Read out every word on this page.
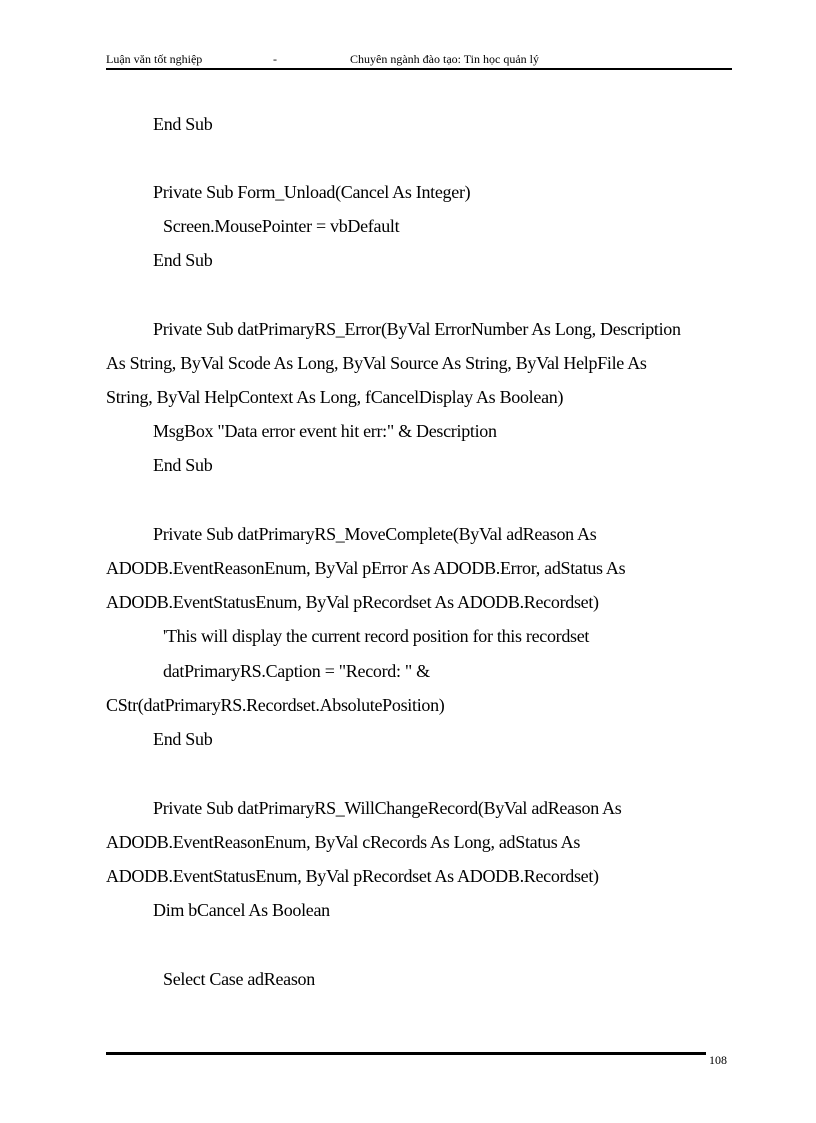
Luận văn tốt nghiệp	-	Chuyên ngành đào tạo: Tin học quản lý
End Sub
Private Sub Form_Unload(Cancel As Integer)
Screen.MousePointer = vbDefault
End Sub
Private Sub datPrimaryRS_Error(ByVal ErrorNumber As Long, Description
As String, ByVal Scode As Long, ByVal Source As String, ByVal HelpFile As
String, ByVal HelpContext As Long, fCancelDisplay As Boolean)
MsgBox "Data error event hit err:" & Description
End Sub
Private Sub datPrimaryRS_MoveComplete(ByVal adReason As
ADODB.EventReasonEnum, ByVal pError As ADODB.Error, adStatus As
ADODB.EventStatusEnum, ByVal pRecordset As ADODB.Recordset)
'This will display the current record position for this recordset
datPrimaryRS.Caption = "Record: " &
CStr(datPrimaryRS.Recordset.AbsolutePosition)
End Sub
Private Sub datPrimaryRS_WillChangeRecord(ByVal adReason As
ADODB.EventReasonEnum, ByVal cRecords As Long, adStatus As
ADODB.EventStatusEnum, ByVal pRecordset As ADODB.Recordset)
Dim bCancel As Boolean
Select Case adReason
108
